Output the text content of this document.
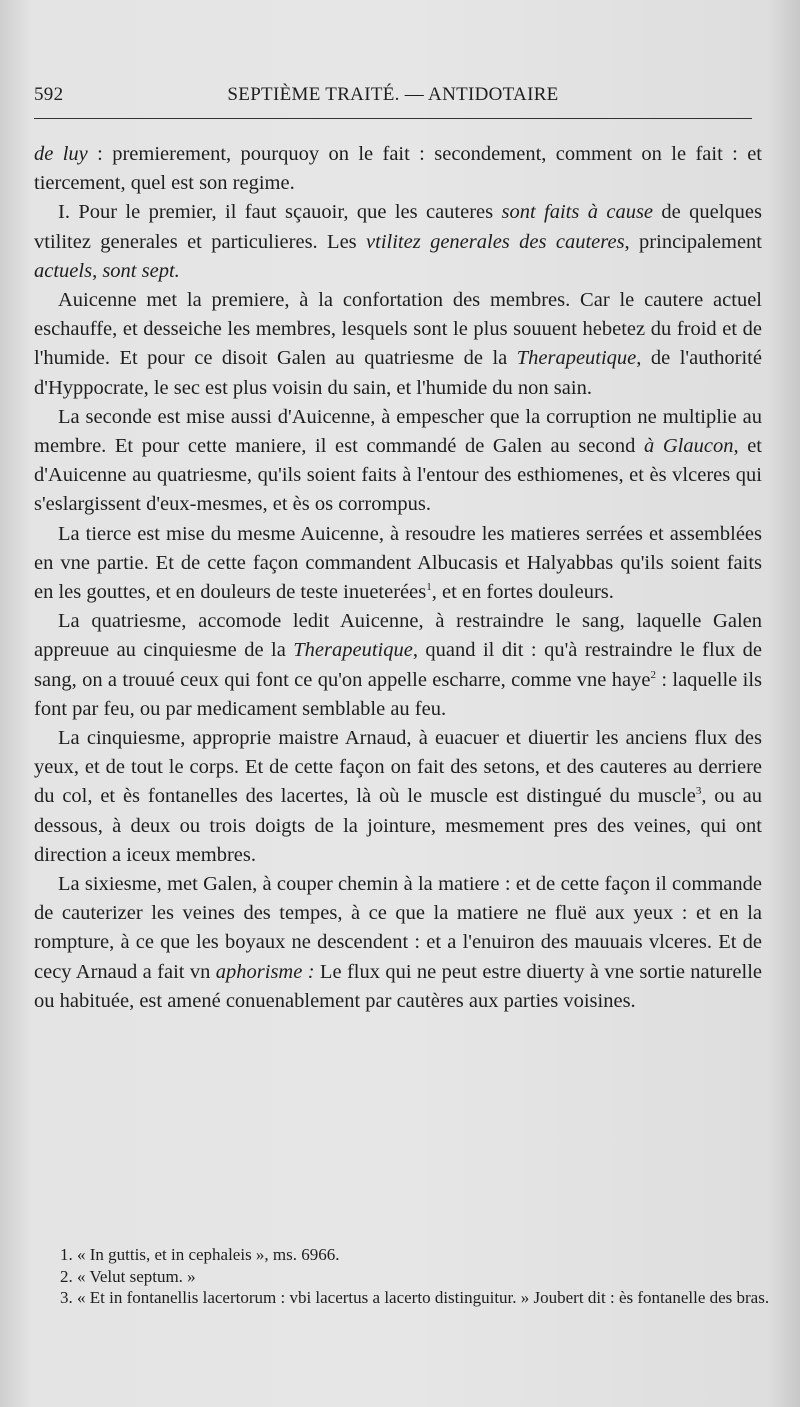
592	SEPTIÈME TRAITÉ. — ANTIDOTAIRE

de luy : premierement, pourquoy on le fait : secondement, comment on le fait : et tiercement, quel est son regime.

I. Pour le premier, il faut sçauoir, que les cauteres sont faits à cause de quelques vtilitez generales et particulieres. Les vtilitez generales des cauteres, principalement actuels, sont sept.

Auicenne met la premiere, à la confortation des membres. Car le cautere actuel eschauffe, et desseiche les membres, lesquels sont le plus souuent hebetez du froid et de l'humide. Et pour ce disoit Galen au quatriesme de la Therapeutique, de l'authorité d'Hyppocrate, le sec est plus voisin du sain, et l'humide du non sain.

La seconde est mise aussi d'Auicenne, à empescher que la corruption ne multiplie au membre. Et pour cette maniere, il est commandé de Galen au second à Glaucon, et d'Auicenne au quatriesme, qu'ils soient faits à l'entour des esthiomenes, et ès vlceres qui s'eslargissent d'eux-mesmes, et ès os corrompus.

La tierce est mise du mesme Auicenne, à resoudre les matieres serrées et assemblées en vne partie. Et de cette façon commandent Albucasis et Halyabbas qu'ils soient faits en les gouttes, et en douleurs de teste inueterées$^1$, et en fortes douleurs.

La quatriesme, accomode ledit Auicenne, à restraindre le sang, laquelle Galen appreuue au cinquiesme de la Therapeutique, quand il dit : qu'à restraindre le flux de sang, on a trouué ceux qui font ce qu'on appelle escharre, comme vne haye$^2$ : laquelle ils font par feu, ou par medicament semblable au feu.

La cinquiesme, approprie maistre Arnaud, à euacuer et diuertir les anciens flux des yeux, et de tout le corps. Et de cette façon on fait des setons, et des cauteres au derriere du col, et ès fontanelles des lacertes, là où le muscle est distingué du muscle$^3$, ou au dessous, à deux ou trois doigts de la jointure, mesmement pres des veines, qui ont direction a iceux membres.

La sixiesme, met Galen, à couper chemin à la matiere : et de cette façon il commande de cauterizer les veines des tempes, à ce que la matiere ne fluë aux yeux : et en la rompture, à ce que les boyaux ne descendent : et a l'enuiron des mauuais vlceres. Et de cecy Arnaud a fait vn aphorisme : Le flux qui ne peut estre diuerty à vne sortie naturelle ou habituée, est amené conuenablement par cautères aux parties voisines.

1. « In guttis, et in cephaleis », ms. 6966.

2. « Velut septum. »

3. « Et in fontanellis lacertorum : vbi lacertus a lacerto distinguitur. » Joubert dit : ès fontanelle des bras.
